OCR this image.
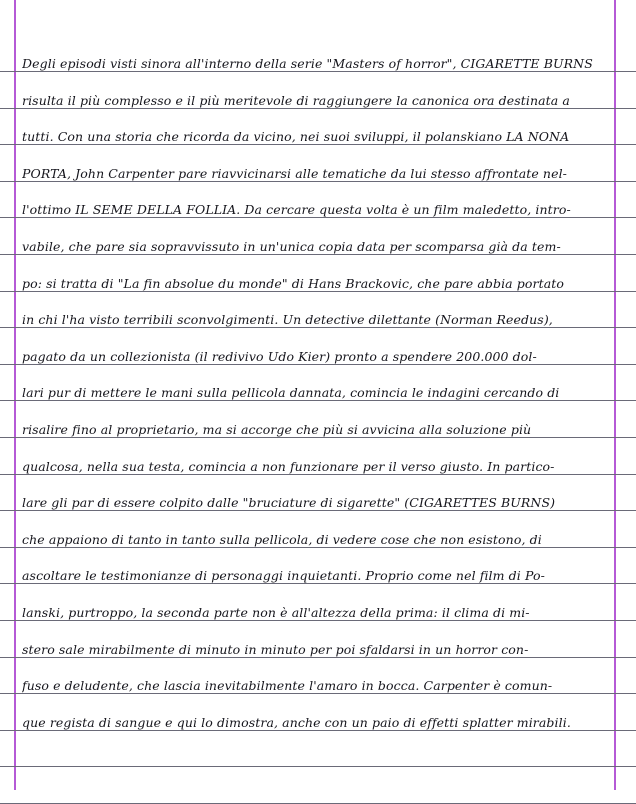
Degli episodi visti sinora all'interno della serie "Masters of horror", CIGARETTE BURNS
risulta il più complesso e il più meritevole di raggiungere la canonica ora destinata a
tutti. Con una storia che ricorda da vicino, nei suoi sviluppi, il polanskiano LA NONA
PORTA, John Carpenter pare riavvicinarsi alle tematiche da lui stesso affrontate nel-
l'ottimo IL SEME DELLA FOLLIA. Da cercare questa volta è un film maledetto, intro-
vabile, che pare sia sopravvissuto in un'unica copia data per scomparsa già da tem-
po: si tratta di "La fin absolue du monde" di Hans Brackovic, che pare abbia portato
in chi l'ha visto terribili sconvolgimenti. Un detective dilettante (Norman Reedus),
pagato da un collezionista (il redivivo Udo Kier) pronto a spendere 200.000 dol-
lari pur di mettere le mani sulla pellicola dannata, comincia le indagini cercando di
risalire fino al proprietario, ma si accorge che più si avvicina alla soluzione più
qualcosa, nella sua testa, comincia a non funzionare per il verso giusto. In partico-
lare gli par di essere colpito dalle "bruciature di sigarette" (CIGARETTES BURNS)
che appaiono di tanto in tanto sulla pellicola, di vedere cose che non esistono, di
ascoltare le testimonianze di personaggi inquietanti. Proprio come nel film di Po-
lanski, purtroppo, la seconda parte non è all'altezza della prima: il clima di mi-
stero sale mirabilmente di minuto in minuto per poi sfaldarsi in un horror con-
fuso e deludente, che lascia inevitabilmente l'amaro in bocca. Carpenter è comun-
que regista di sangue e qui lo dimostra, anche con un paio di effetti splatter mirabili.
